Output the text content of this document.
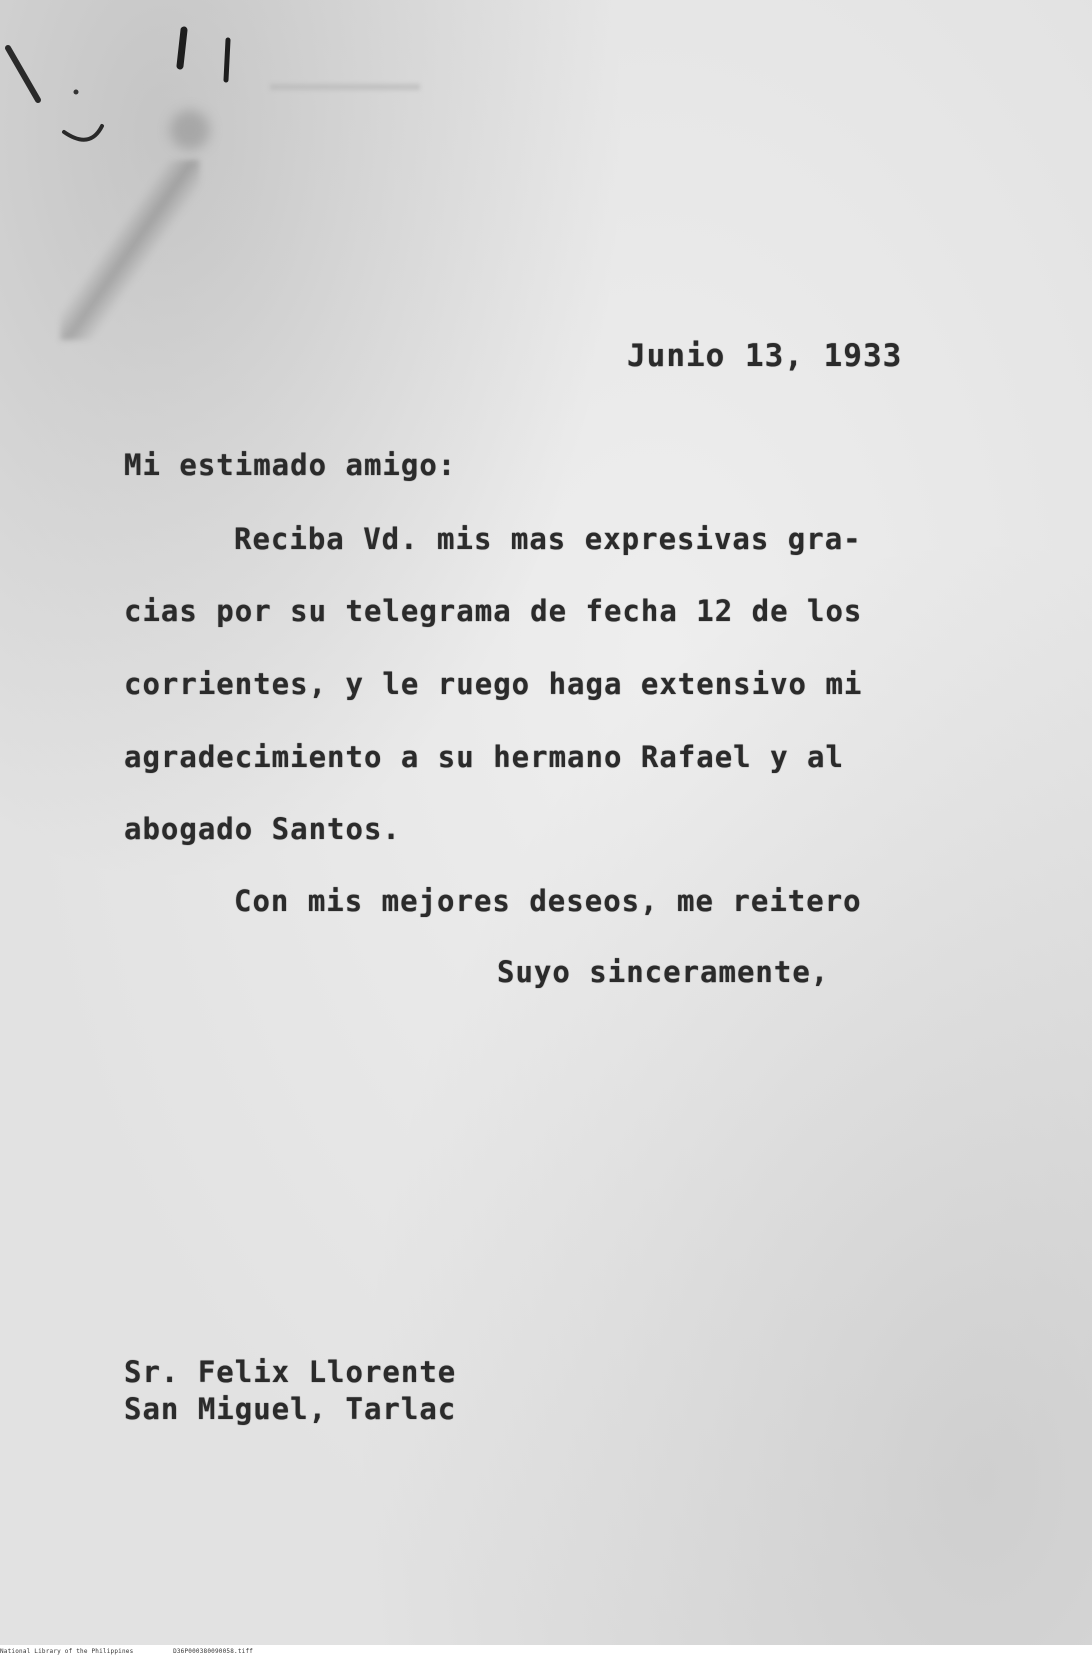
Junio 13, 1933
Mi estimado amigo:
Reciba Vd. mis mas expresivas gra-
cias por su telegrama de fecha 12 de los
corrientes, y le ruego haga extensivo mi
agradecimiento a su hermano Rafael y al
abogado Santos.
Con mis mejores deseos, me reitero
Suyo sinceramente,
Sr. Felix Llorente
San Miguel, Tarlac
National Library of the Philippines	D36P000380090058.tiff
